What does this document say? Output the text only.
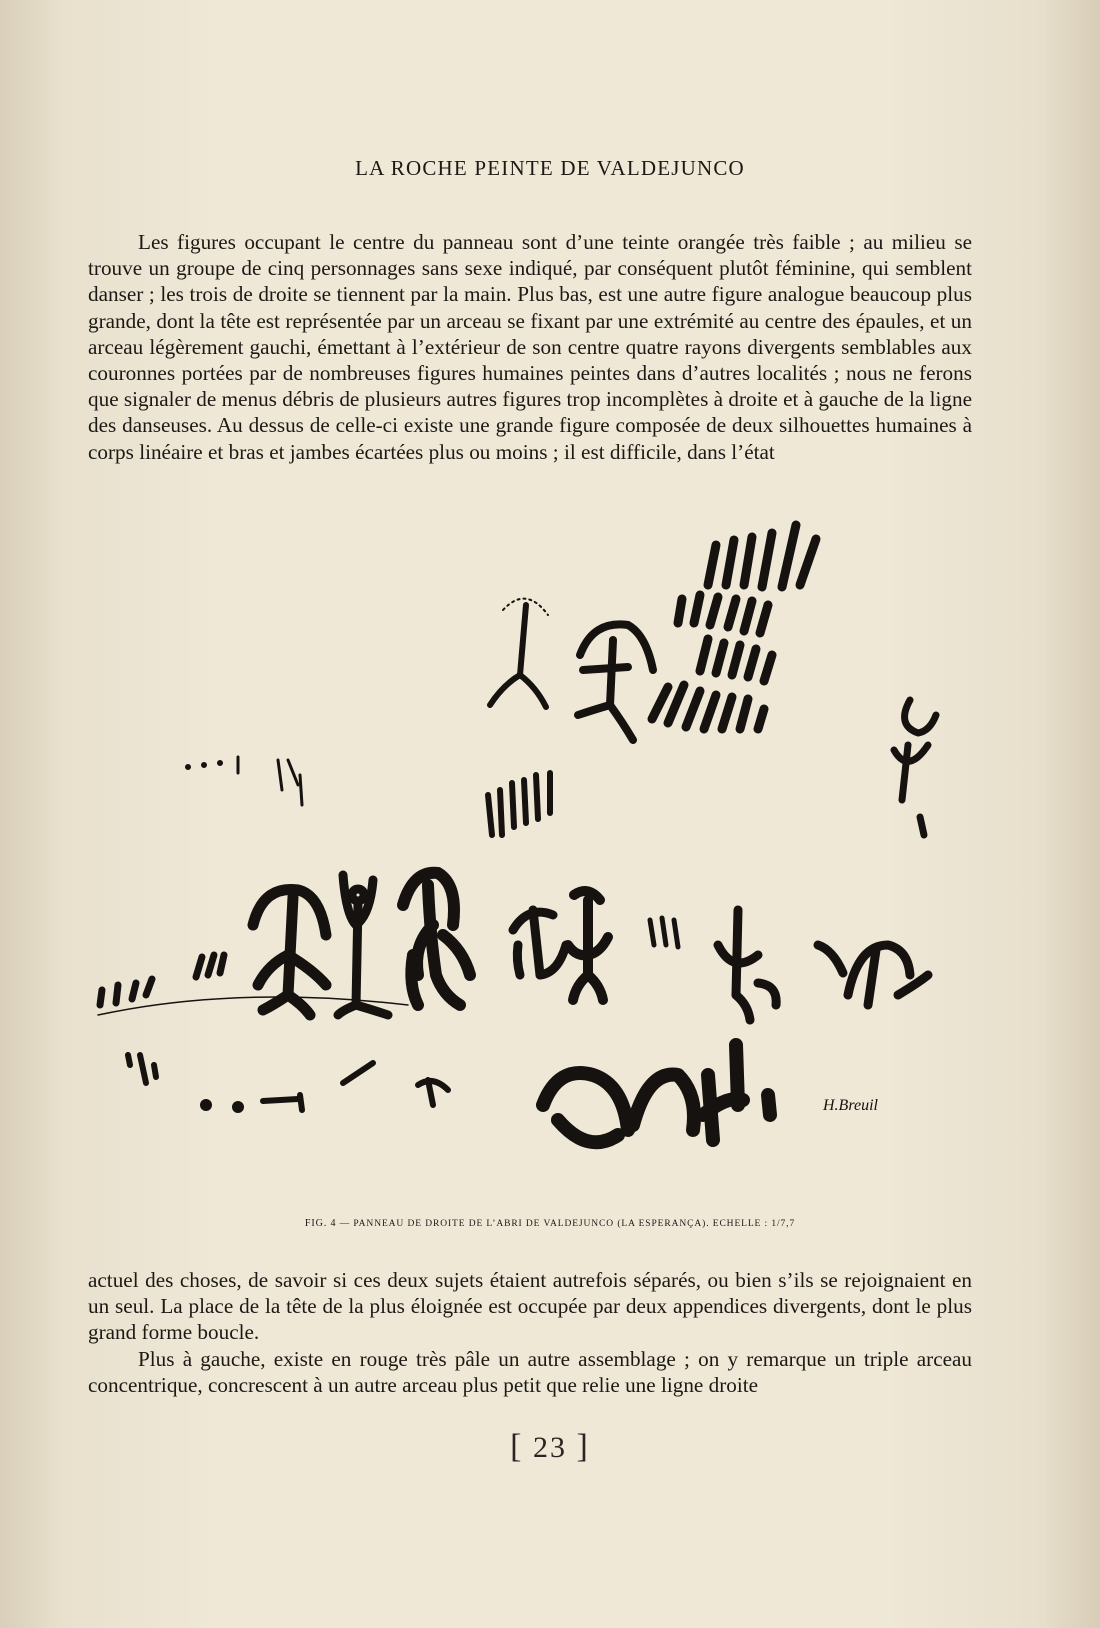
LA ROCHE PEINTE DE VALDEJUNCO

Les figures occupant le centre du panneau sont d’une teinte orangée très faible ; au milieu se trouve un groupe de cinq personnages sans sexe indiqué, par conséquent plutôt féminine, qui semblent danser ; les trois de droite se tiennent par la main. Plus bas, est une autre figure analogue beaucoup plus grande, dont la tête est représentée par un arceau se fixant par une extrémité au centre des épaules, et un arceau légèrement gauchi, émettant à l’extérieur de son centre quatre rayons divergents semblables aux couronnes portées par de nombreuses figures humaines peintes dans d’autres localités ; nous ne ferons que signaler de menus débris de plusieurs autres figures trop incomplètes à droite et à gauche de la ligne des danseuses. Au dessus de celle-ci existe une grande figure composée de deux silhouettes humaines à corps linéaire et bras et jambes écartées plus ou moins ; il est difficile, dans l’état

H.Breuil
FIG. 4 — PANNEAU DE DROITE DE L’ABRI DE VALDEJUNCO (LA ESPERANÇA). ECHELLE : 1/7,7

actuel des choses, de savoir si ces deux sujets étaient autrefois séparés, ou bien s’ils se rejoignaient en un seul. La place de la tête de la plus éloignée est occupée par deux appendices divergents, dont le plus grand forme boucle.

Plus à gauche, existe en rouge très pâle un autre assemblage ; on y remarque un triple arceau concentrique, concrescent à un autre arceau plus petit que relie une ligne droite

[ 23 ]
